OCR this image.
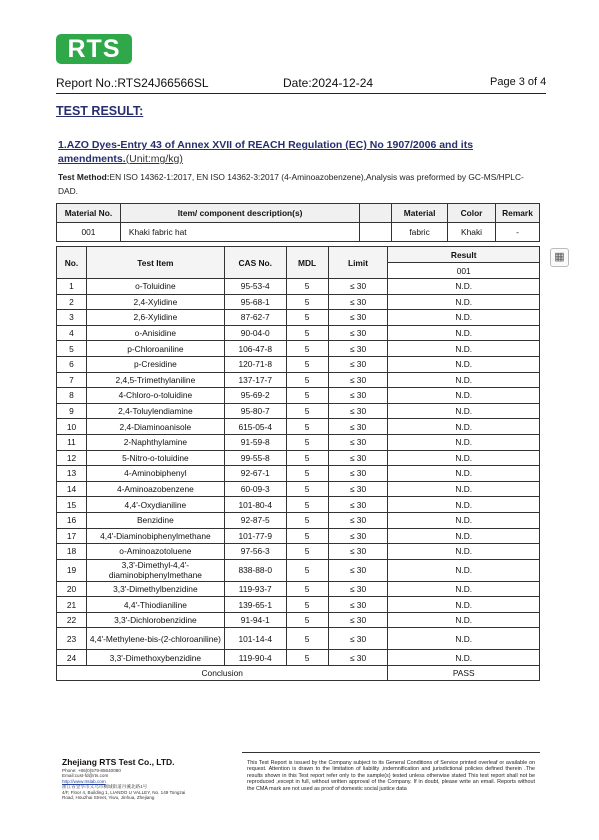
RTS
Report No.:RTS24J66566SL	Date:2024-12-24	Page 3 of 4
TEST RESULT:
1.AZO Dyes-Entry 43 of Annex XVII of REACH Regulation (EC) No 1907/2006 and its amendments.(Unit:mg/kg)
Test Method:EN ISO 14362-1:2017, EN ISO 14362-3:2017 (4-Aminoazobenzene),Analysis was preformed by GC-MS/HPLC-DAD.
Material No.	Item/ component description(s)		Material	Color	Remark
001	Khaki fabric hat		fabric	Khaki	-
▦
No.	Test Item	CAS No.	MDL	Limit	Result
					001
1	o-Toluidine	95-53-4	5	≤ 30	N.D.
2	2,4-Xylidine	95-68-1	5	≤ 30	N.D.
3	2,6-Xylidine	87-62-7	5	≤ 30	N.D.
4	o-Anisidine	90-04-0	5	≤ 30	N.D.
5	p-Chloroaniline	106-47-8	5	≤ 30	N.D.
6	p-Cresidine	120-71-8	5	≤ 30	N.D.
7	2,4,5-Trimethylaniline	137-17-7	5	≤ 30	N.D.
8	4-Chloro-o-toluidine	95-69-2	5	≤ 30	N.D.
9	2,4-Toluylendiamine	95-80-7	5	≤ 30	N.D.
10	2,4-Diaminoanisole	615-05-4	5	≤ 30	N.D.
11	2-Naphthylamine	91-59-8	5	≤ 30	N.D.
12	5-Nitro-o-toluidine	99-55-8	5	≤ 30	N.D.
13	4-Aminobiphenyl	92-67-1	5	≤ 30	N.D.
14	4-Aminoazobenzene	60-09-3	5	≤ 30	N.D.
15	4,4'-Oxydianiline	101-80-4	5	≤ 30	N.D.
16	Benzidine	92-87-5	5	≤ 30	N.D.
17	4,4'-Diaminobiphenylmethane	101-77-9	5	≤ 30	N.D.
18	o-Aminoazotoluene	97-56-3	5	≤ 30	N.D.
19	3,3'-Dimethyl-4,4'-diaminobiphenylmethane	838-88-0	5	≤ 30	N.D.
20	3,3'-Dimethylbenzidine	119-93-7	5	≤ 30	N.D.
21	4,4'-Thiodianiline	139-65-1	5	≤ 30	N.D.
22	3,3'-Dichlorobenzidine	91-94-1	5	≤ 30	N.D.
23	4,4'-Methylene-bis-(2-chloroaniline)	101-14-4	5	≤ 30	N.D.
24	3,3'-Dimethoxybenzidine	119-90-4	5	≤ 30	N.D.
Conclusion					PASS
Zhejiang RTS Test Co., LTD.
Phone: +86(0)579-85640080
Email:cust-fd@rts.com
http://www.rtslab.com
浙江省金华市义乌市稠城街道丹溪北路1号
4/F, Floor 4, Building 1, LIANDO U VALLEY, No. 149 Tongzai Road, Houzhai Street, Yiwu, Jinhua, Zhejiang
This Test Report is issued by the Company subject to its General Conditions of Service printed overleaf or available on request. Attention is drawn to the limitation of liability ,indemnification and jurisdictional policies defined therein .The results shown in this Test report refer only to the sample(s) tested unless otherwise stated This test report shall not be reproduced ,except in full, without written approval of the Company. If in doubt, please write an email. Reports without the CMA mark are not used as proof of domestic social justice data
